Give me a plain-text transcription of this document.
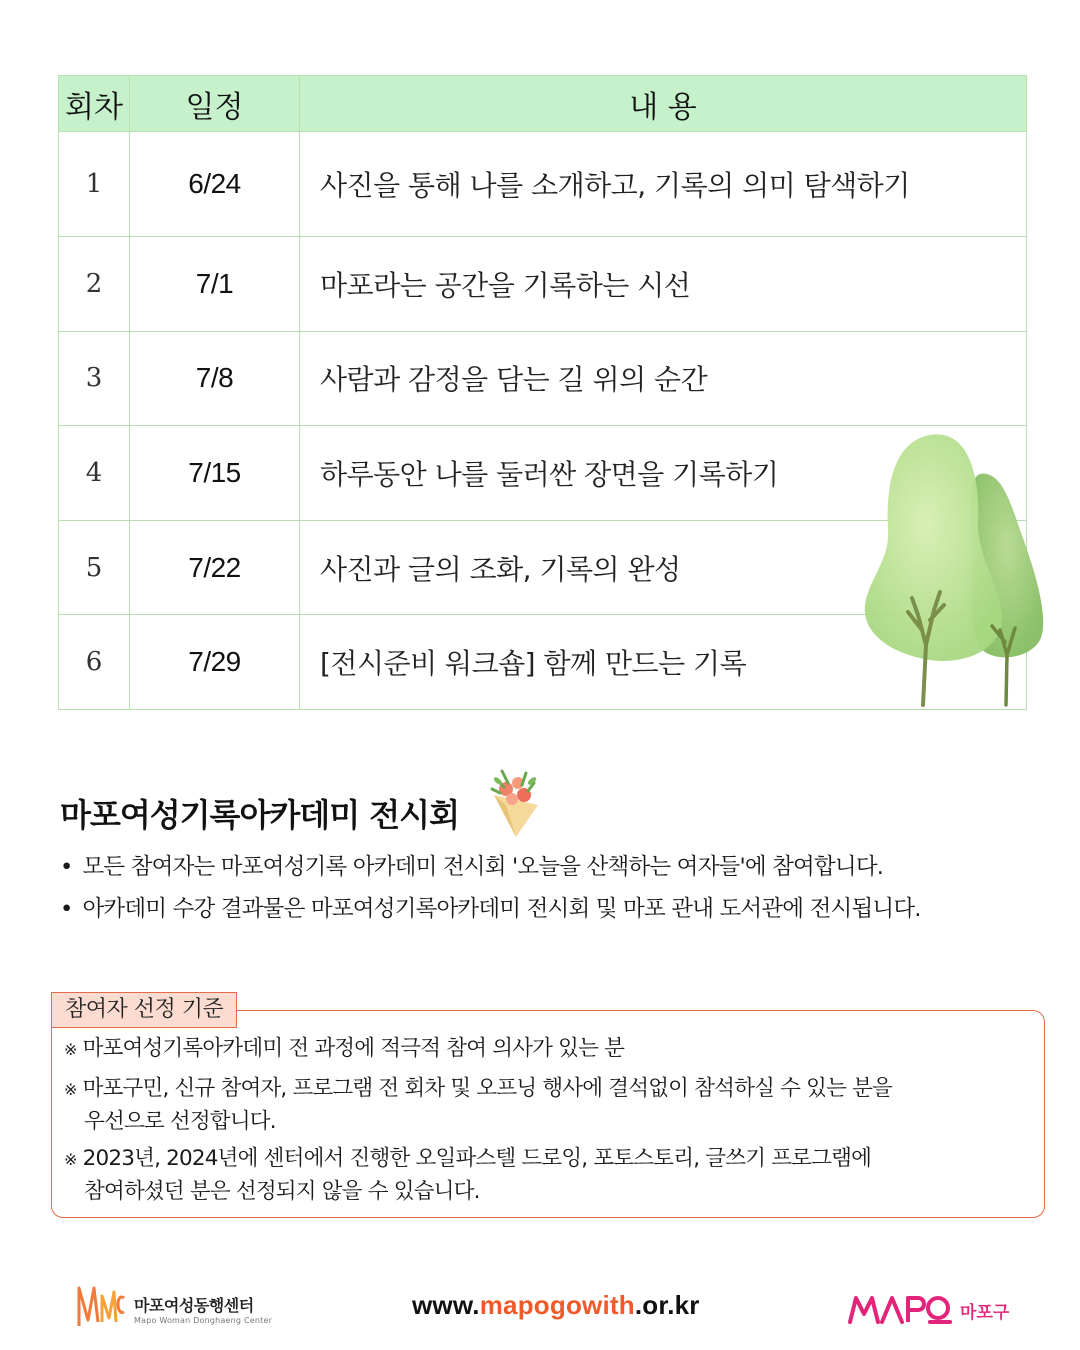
회차	일정	내 용
1	6/24	사진을 통해 나를 소개하고, 기록의 의미 탐색하기
2	7/1	마포라는 공간을 기록하는 시선
3	7/8	사람과 감정을 담는 길 위의 순간
4	7/15	하루동안 나를 둘러싼 장면을 기록하기
5	7/22	사진과 글의 조화, 기록의 완성
6	7/29	[전시준비 워크숍] 함께 만드는 기록
마포여성기록아카데미 전시회
• 모든 참여자는 마포여성기록 아카데미 전시회 '오늘을 산책하는 여자들'에 참여합니다.
• 아카데미 수강 결과물은 마포여성기록아카데미 전시회 및 마포 관내 도서관에 전시됩니다.
참여자 선정 기준
※ 마포여성기록아카데미 전 과정에 적극적 참여 의사가 있는 분
※ 마포구민, 신규 참여자, 프로그램 전 회차 및 오프닝 행사에 결석없이 참석하실 수 있는 분을
우선으로 선정합니다.
※ 2023년, 2024년에 센터에서 진행한 오일파스텔 드로잉, 포토스토리, 글쓰기 프로그램에
참여하셨던 분은 선정되지 않을 수 있습니다.
마포여성동행센터
Mapo Woman Donghaeng Center
www.mapogowith.or.kr	마포구
